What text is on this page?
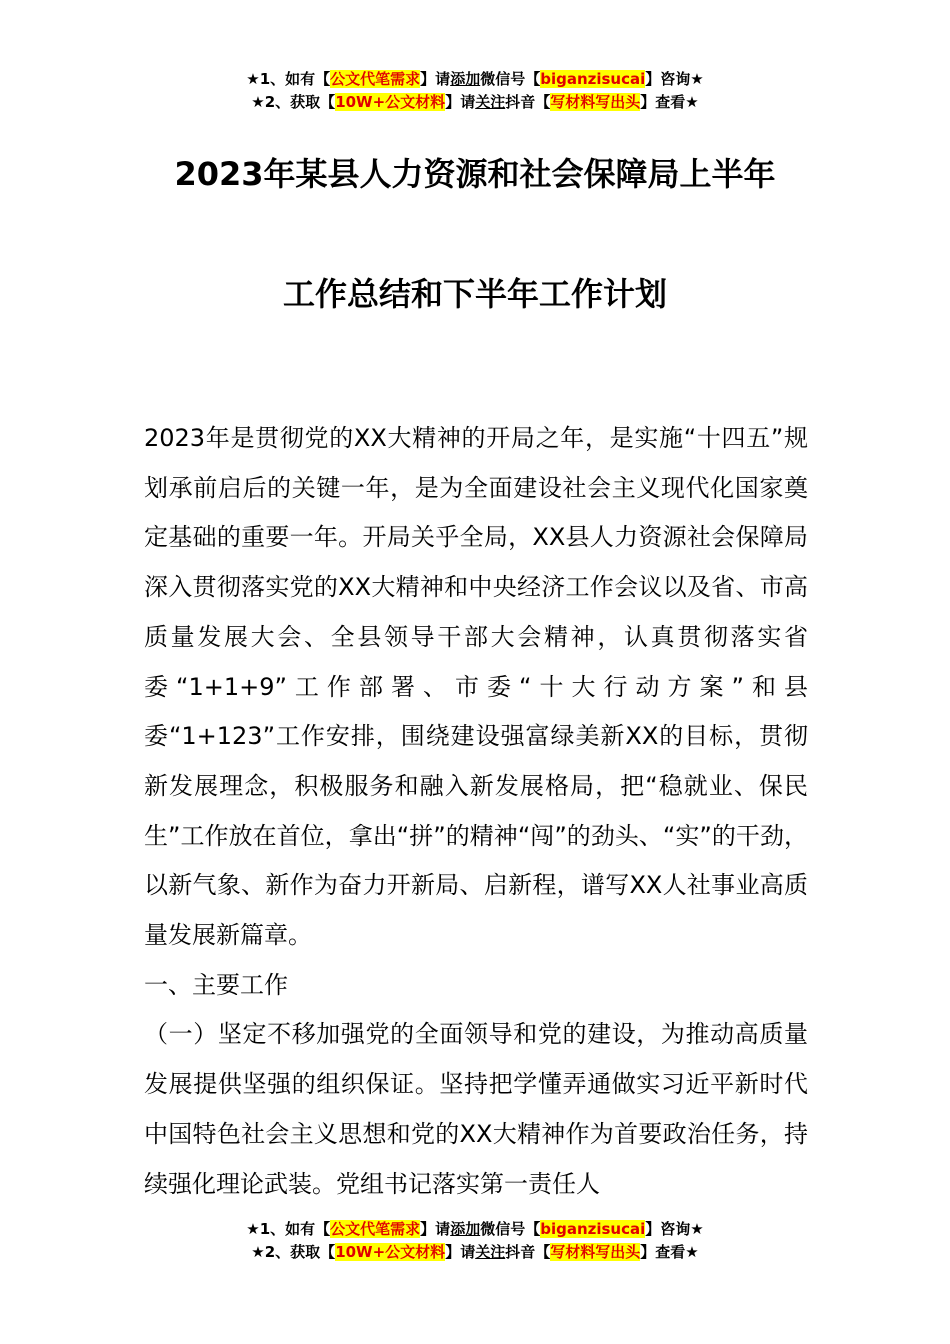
★1、如有【公文代笔需求】请添加微信号【biganzisucai】咨询★
★2、获取【10W+公文材料】请关注抖音【写材料写出头】查看★
2023年某县人力资源和社会保障局上半年
工作总结和下半年工作计划

2023年是贯彻党的XX大精神的开局之年，是实施“十四五”规划承前启后的关键一年，是为全面建设社会主义现代化国家奠定基础的重要一年。开局关乎全局，XX县人力资源社会保障局深入贯彻落实党的XX大精神和中央经济工作会议以及省、市高质量发展大会、全县领导干部大会精神，认真贯彻落实省委“1+1+9”工作部署、市委“十大行动方案”和县委“1+123”工作安排，围绕建设强富绿美新XX的目标，贯彻新发展理念，积极服务和融入新发展格局，把“稳就业、保民生”工作放在首位，拿出“拼”的精神“闯”的劲头、“实”的干劲，以新气象、新作为奋力开新局、启新程，谱写XX人社事业高质量发展新篇章。

一、主要工作

（一）坚定不移加强党的全面领导和党的建设，为推动高质量发展提供坚强的组织保证。坚持把学懂弄通做实习近平新时代中国特色社会主义思想和党的XX大精神作为首要政治任务，持续强化理论武装。党组书记落实第一责任人

★1、如有【公文代笔需求】请添加微信号【biganzisucai】咨询★
★2、获取【10W+公文材料】请关注抖音【写材料写出头】查看★
